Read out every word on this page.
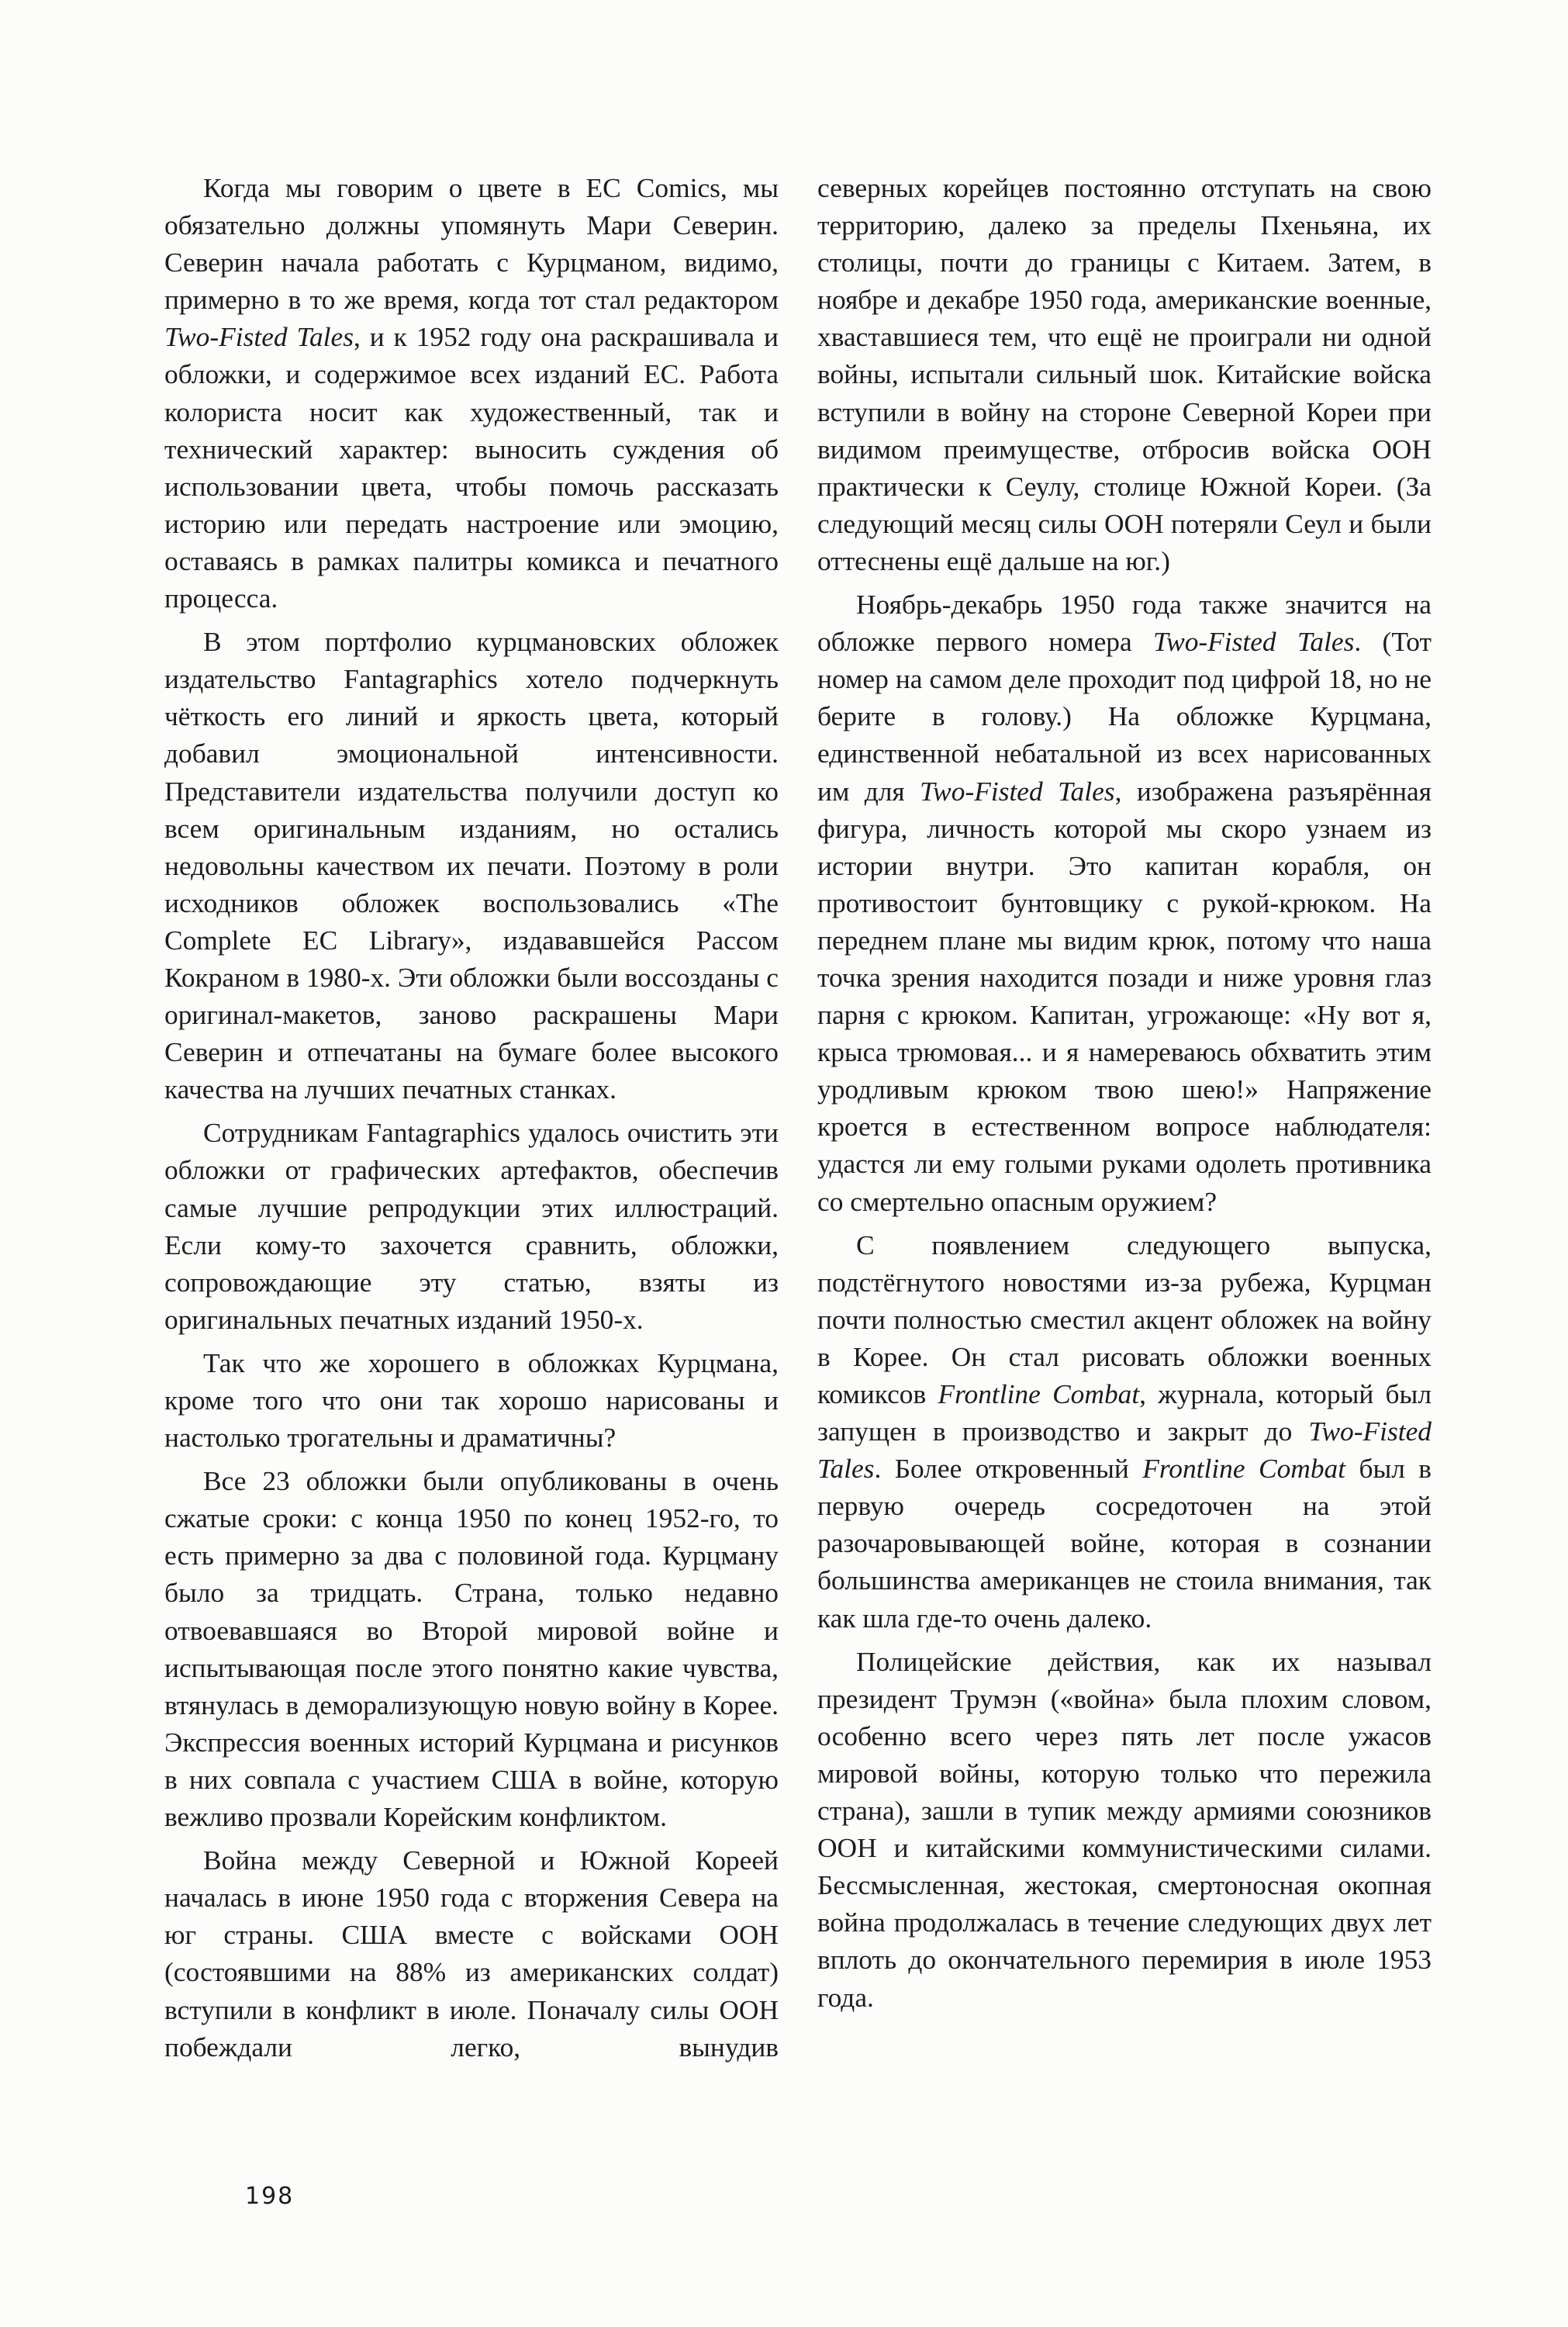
Когда мы говорим о цвете в EC Comics, мы обязательно должны упомянуть Мари Северин. Северин начала работать с Курцманом, видимо, примерно в то же время, когда тот стал редактором Two-Fisted Tales, и к 1952 году она раскрашивала и обложки, и содержимое всех изданий EC. Работа колориста носит как художественный, так и технический характер: выносить суждения об использовании цвета, чтобы помочь рассказать историю или передать настроение или эмоцию, оставаясь в рамках палитры комикса и печатного процесса.

В этом портфолио курцмановских обложек издательство Fantagraphics хотело подчеркнуть чёткость его линий и яркость цвета, который добавил эмоциональной интенсивности. Представители издательства получили доступ ко всем оригинальным изданиям, но остались недовольны качеством их печати. Поэтому в роли исходников обложек воспользовались «The Complete EC Library», издававшейся Рассом Кокраном в 1980-х. Эти обложки были воссозданы с оригинал-макетов, заново раскрашены Мари Северин и отпечатаны на бумаге более высокого качества на лучших печатных станках.

Сотрудникам Fantagraphics удалось очистить эти обложки от графических артефактов, обеспечив самые лучшие репродукции этих иллюстраций. Если кому-то захочется сравнить, обложки, сопровождающие эту статью, взяты из оригинальных печатных изданий 1950-х.

Так что же хорошего в обложках Курцмана, кроме того что они так хорошо нарисованы и настолько трогательны и драматичны?

Все 23 обложки были опубликованы в очень сжатые сроки: с конца 1950 по конец 1952-го, то есть примерно за два с половиной года. Курцману было за тридцать. Страна, только недавно отвоевавшаяся во Второй мировой войне и испытывающая после этого понятно какие чувства, втянулась в деморализующую новую войну в Корее. Экспрессия военных историй Курцмана и рисунков в них совпала с участием США в войне, которую вежливо прозвали Корейским конфликтом.

Война между Северной и Южной Кореей началась в июне 1950 года с вторжения Севера на юг страны. США вместе с войсками ООН (состоявшими на 88% из американских солдат) вступили в конфликт в июле. Поначалу силы ООН побеждали легко, вынудив

северных корейцев постоянно отступать на свою территорию, далеко за пределы Пхеньяна, их столицы, почти до границы с Китаем. Затем, в ноябре и декабре 1950 года, американские военные, хваставшиеся тем, что ещё не проиграли ни одной войны, испытали сильный шок. Китайские войска вступили в войну на стороне Северной Кореи при видимом преимуществе, отбросив войска ООН практически к Сеулу, столице Южной Кореи. (За следующий месяц силы ООН потеряли Сеул и были оттеснены ещё дальше на юг.)

Ноябрь-декабрь 1950 года также значится на обложке первого номера Two-Fisted Tales. (Тот номер на самом деле проходит под цифрой 18, но не берите в голову.) На обложке Курцмана, единственной небатальной из всех нарисованных им для Two-Fisted Tales, изображена разъярённая фигура, личность которой мы скоро узнаем из истории внутри. Это капитан корабля, он противостоит бунтовщику с рукой-крюком. На переднем плане мы видим крюк, потому что наша точка зрения находится позади и ниже уровня глаз парня с крюком. Капитан, угрожающе: «Ну вот я, крыса трюмовая... и я намереваюсь обхватить этим уродливым крюком твою шею!» Напряжение кроется в естественном вопросе наблюдателя: удастся ли ему голыми руками одолеть противника со смертельно опасным оружием?

С появлением следующего выпуска, подстёгнутого новостями из-за рубежа, Курцман почти полностью сместил акцент обложек на войну в Корее. Он стал рисовать обложки военных комиксов Frontline Combat, журнала, который был запущен в производство и закрыт до Two-Fisted Tales. Более откровенный Frontline Combat был в первую очередь сосредоточен на этой разочаровывающей войне, которая в сознании большинства американцев не стоила внимания, так как шла где-то очень далеко.

Полицейские действия, как их называл президент Трумэн («война» была плохим словом, особенно всего через пять лет после ужасов мировой войны, которую только что пережила страна), зашли в тупик между армиями союзников ООН и китайскими коммунистическими силами. Бессмысленная, жестокая, смертоносная окопная война продолжалась в течение следующих двух лет вплоть до окончательного перемирия в июле 1953 года.

198
